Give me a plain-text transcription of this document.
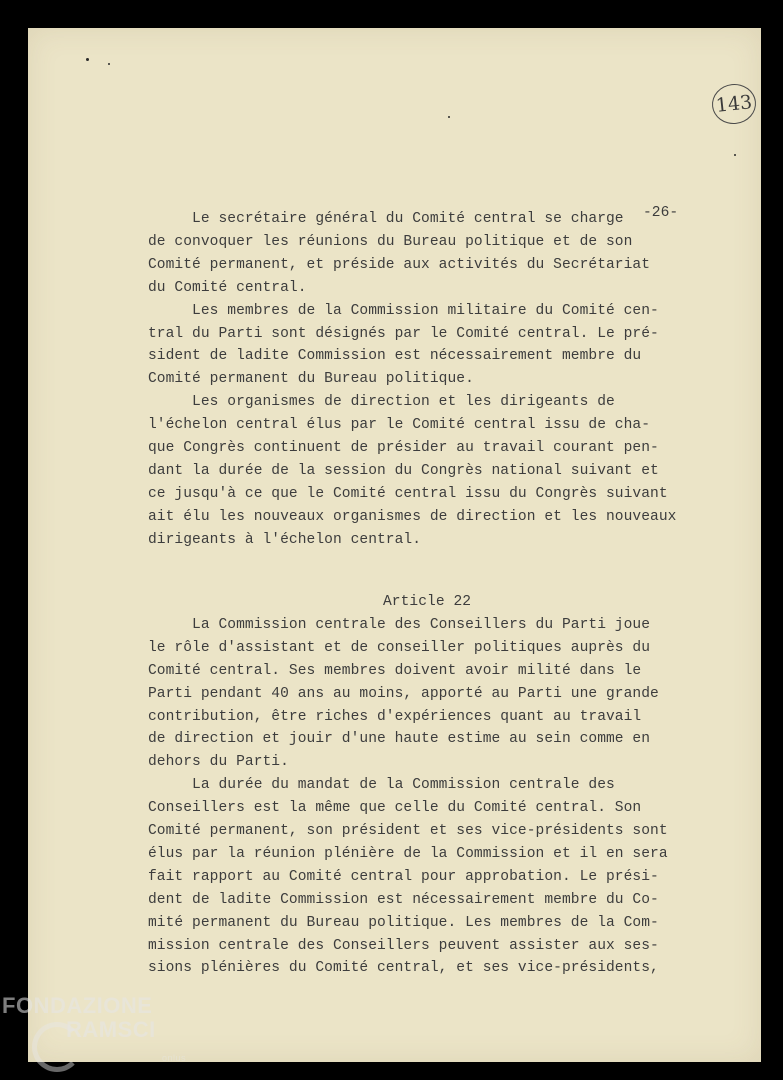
143
-26-
Le secrétaire général du Comité central se charge
de convoquer les réunions du Bureau politique et de son
Comité permanent, et préside aux activités du Secrétariat
du Comité central.
Les membres de la Commission militaire du Comité cen-
tral du Parti sont désignés par le Comité central. Le pré-
sident de ladite Commission est nécessairement membre du
Comité permanent du Bureau politique.
Les organismes de direction et les dirigeants de
l'échelon central élus par le Comité central issu de cha-
que Congrès continuent de présider au travail courant pen-
dant la durée de la session du Congrès national suivant et
ce jusqu'à ce que le Comité central issu du Congrès suivant
ait élu les nouveaux organismes de direction et les nouveaux
dirigeants à l'échelon central.
Article 22
La Commission centrale des Conseillers du Parti joue
le rôle d'assistant et de conseiller politiques auprès du
Comité central. Ses membres doivent avoir milité dans le
Parti pendant 40 ans au moins, apporté au Parti une grande
contribution, être riches d'expériences quant au travail
de direction et jouir d'une haute estime au sein comme en
dehors du Parti.
La durée du mandat de la Commission centrale des
Conseillers est la même que celle du Comité central. Son
Comité permanent, son président et ses vice-présidents sont
élus par la réunion plénière de la Commission et il en sera
fait rapport au Comité central pour approbation. Le prési-
dent de ladite Commission est nécessairement membre du Co-
mité permanent du Bureau politique. Les membres de la Com-
mission centrale des Conseillers peuvent assister aux ses-
sions plénières du Comité central, et ses vice-présidents,
FONDAZIONE
RAMSCI
onlus
